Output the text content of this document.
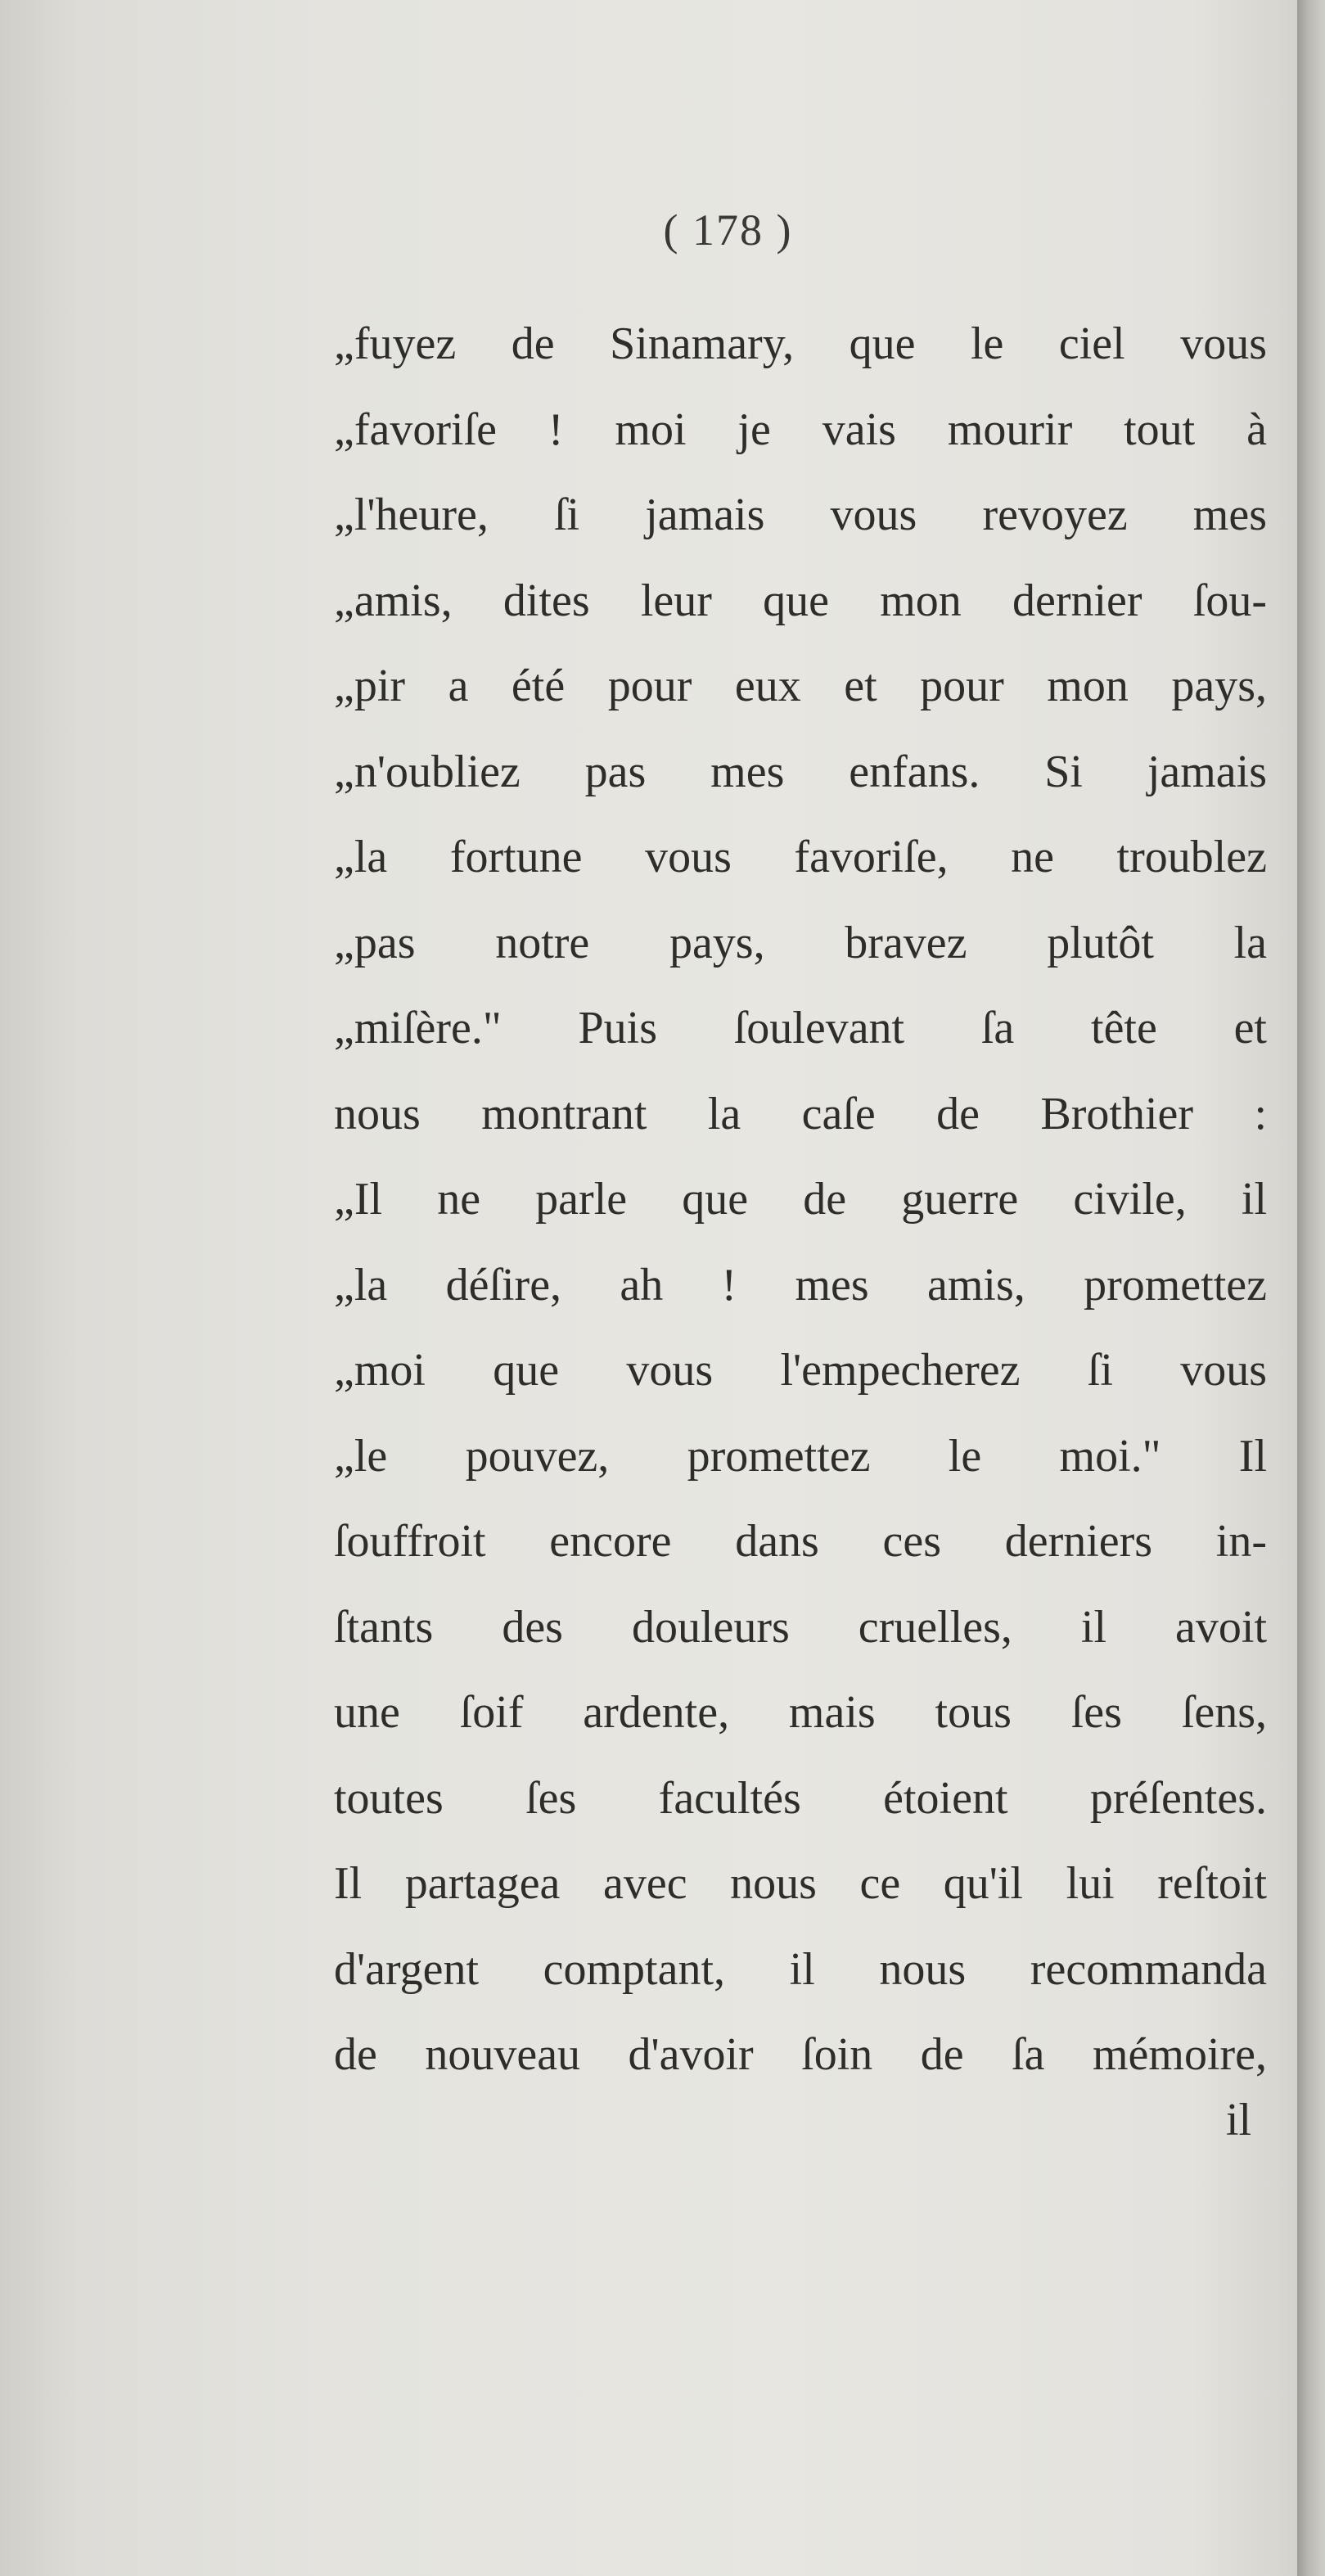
( 178 )
„fuyez de Sinamary, que le ciel vous
„favoriſe ! moi je vais mourir tout à
„l'heure, ſi jamais vous revoyez mes
„amis, dites leur que mon dernier ſou-
„pir a été pour eux et pour mon pays,
„n'oubliez pas mes enfans. Si jamais
„la fortune vous favoriſe, ne troublez
„pas notre pays, bravez plutôt la
„miſère." Puis ſoulevant ſa tête et
nous montrant la caſe de Brothier :
„Il ne parle que de guerre civile, il
„la déſire, ah ! mes amis, promettez
„moi que vous l'empecherez ſi vous
„le pouvez, promettez le moi." Il
ſouffroit encore dans ces derniers in-
ſtants des douleurs cruelles, il avoit
une ſoif ardente, mais tous ſes ſens,
toutes ſes facultés étoient préſentes.
Il partagea avec nous ce qu'il lui reſtoit
d'argent comptant, il nous recommanda
de nouveau d'avoir ſoin de ſa mémoire,
il
